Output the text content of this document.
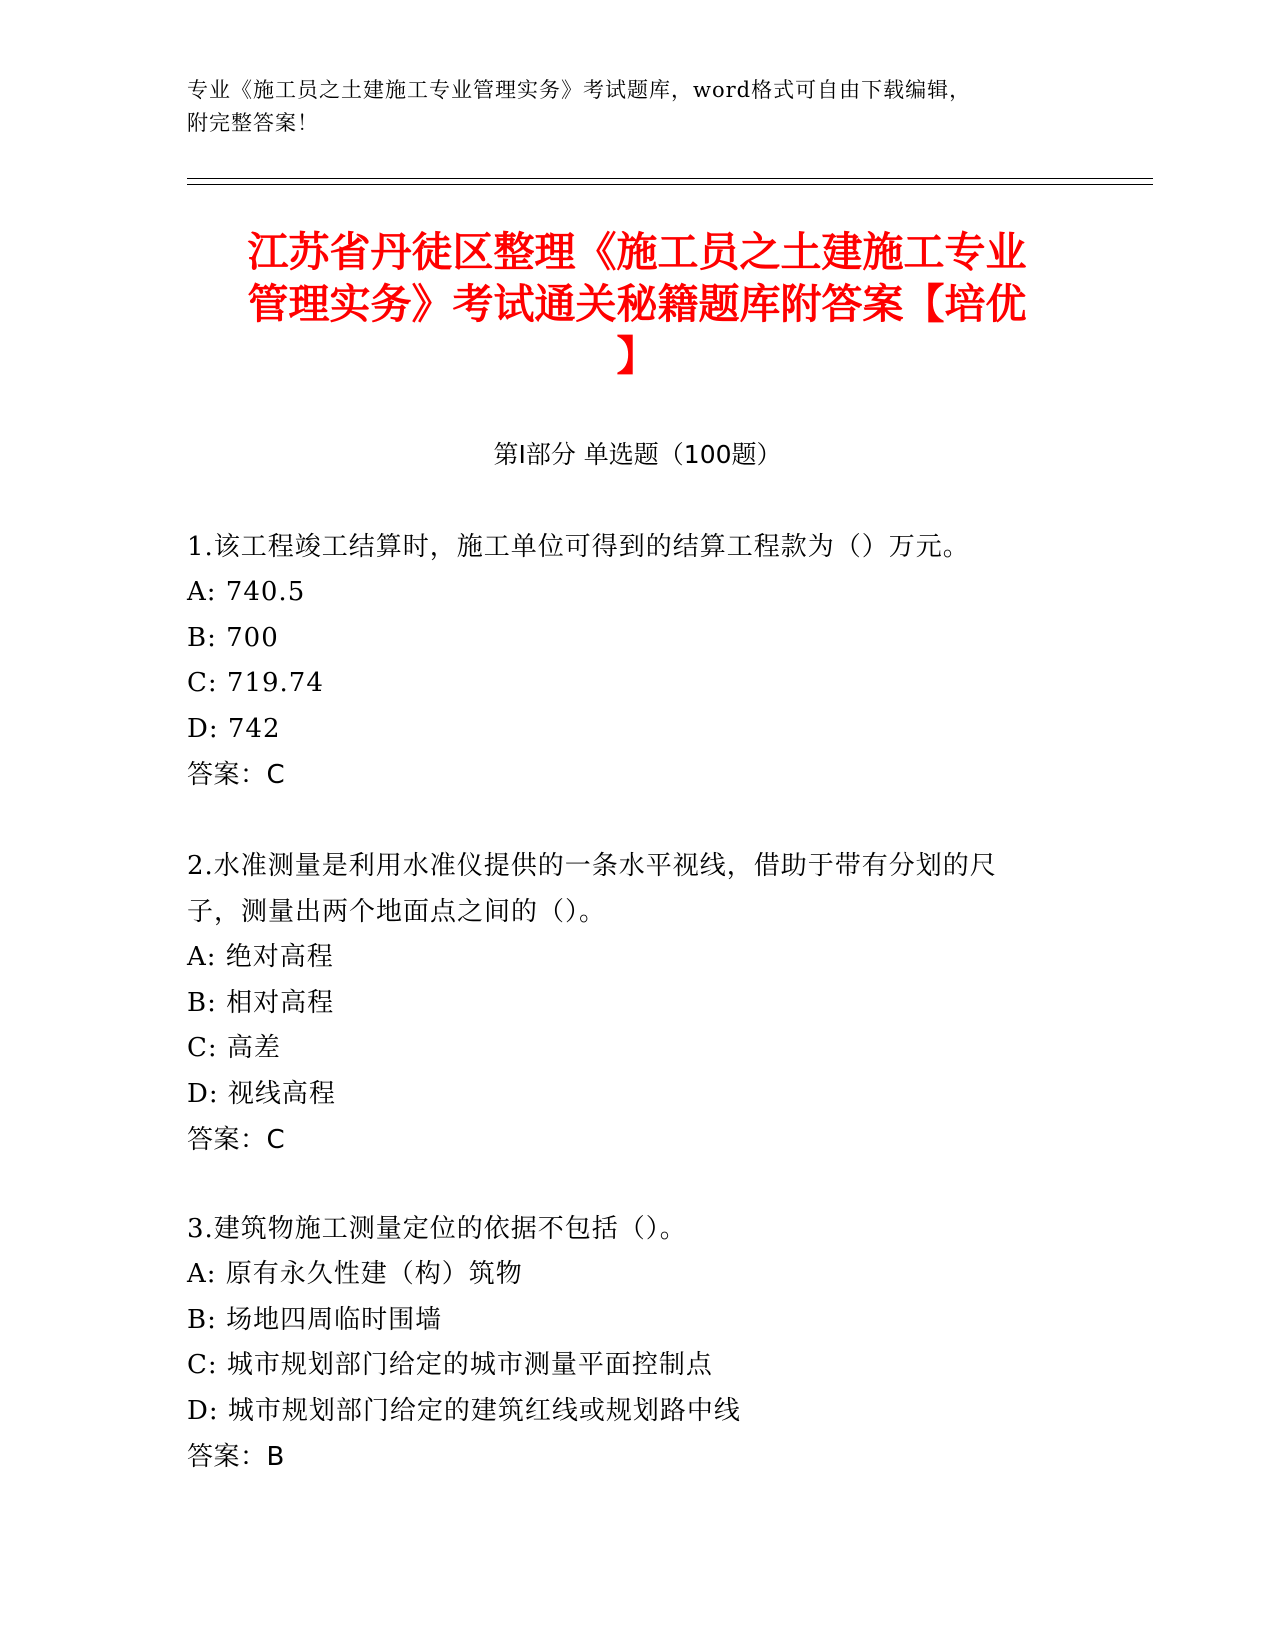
专业《施工员之土建施工专业管理实务》考试题库，word格式可自由下载编辑，
附完整答案！
江苏省丹徒区整理《施工员之土建施工专业
管理实务》考试通关秘籍题库附答案【培优
】
第Ⅰ部分 单选题（100题）
1.该工程竣工结算时，施工单位可得到的结算工程款为（）万元。
A: 740.5
B: 700
C: 719.74
D: 742
答案：C
2.水准测量是利用水准仪提供的一条水平视线，借助于带有分划的尺
子，测量出两个地面点之间的（）。
A: 绝对高程
B: 相对高程
C: 高差
D: 视线高程
答案：C
3.建筑物施工测量定位的依据不包括（）。
A: 原有永久性建（构）筑物
B: 场地四周临时围墙
C: 城市规划部门给定的城市测量平面控制点
D: 城市规划部门给定的建筑红线或规划路中线
答案：B
